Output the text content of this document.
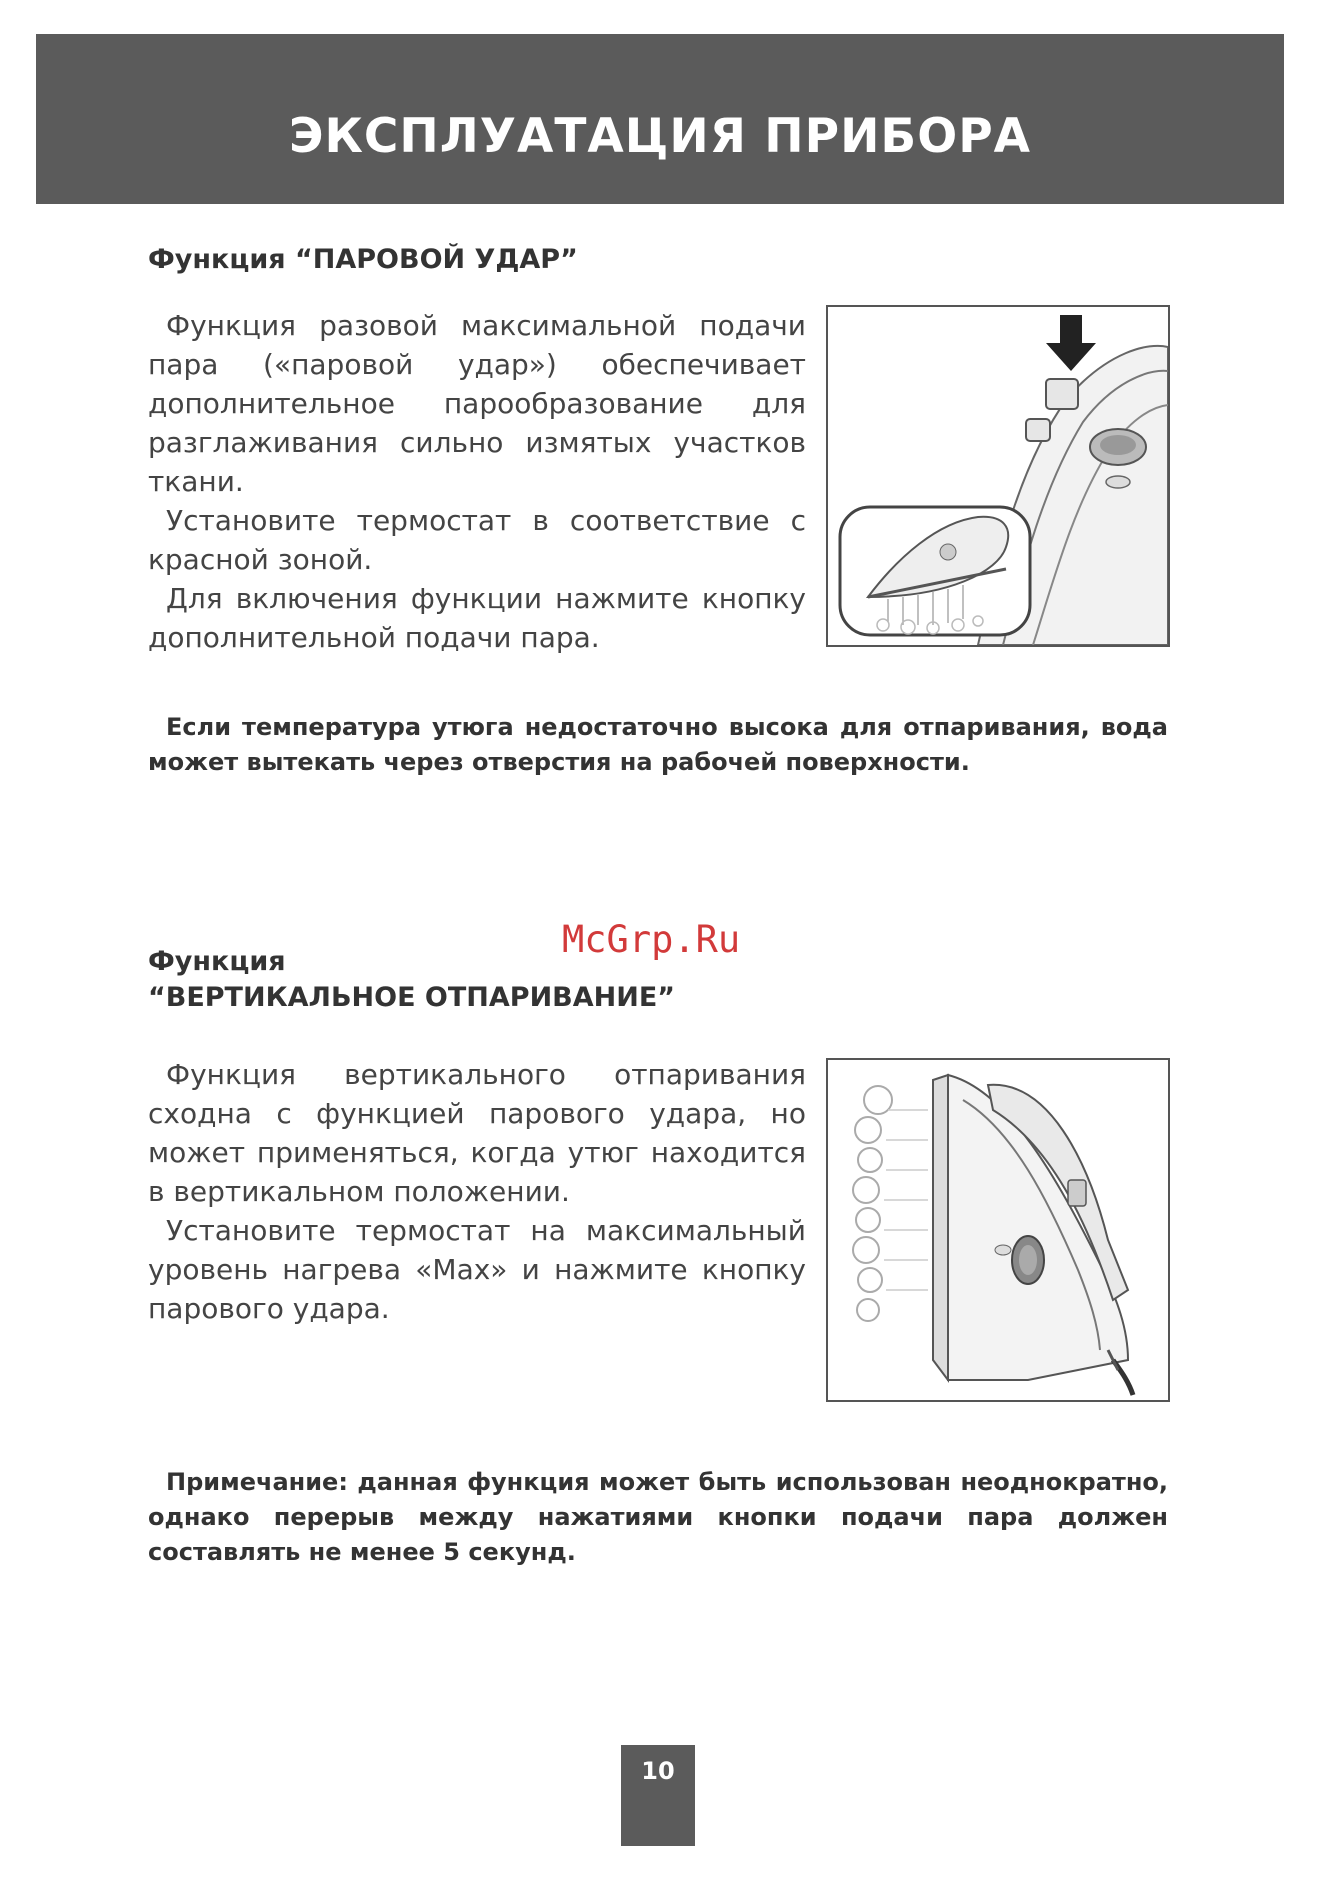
ЭКСПЛУАТАЦИЯ ПРИБОРА
Функция “ПАРОВОЙ УДАР”

Функция разовой максимальной подачи пара («паровой удар») обеспечивает дополнительное парообразование для разглаживания сильно измятых участков ткани.

Установите термостат в соответствие с красной зоной.

Для включения функции нажмите кнопку дополнительной подачи пара.

Если температура утюга недостаточно высока для отпаривания, вода может вытекать через отверстия на рабочей поверхности.

McGrp.Ru
Функция
“ВЕРТИКАЛЬНОЕ ОТПАРИВАНИЕ”

Функция вертикального отпаривания сходна с функцией парового удара, но может применяться, когда утюг находится в вертикальном положении.

Установите термостат на максимальный уровень нагрева «Мах» и нажмите кнопку парового удара.

Примечание: данная функция может быть использован неоднократно, однако перерыв между нажатиями кнопки подачи пара должен составлять не менее 5 секунд.

10
